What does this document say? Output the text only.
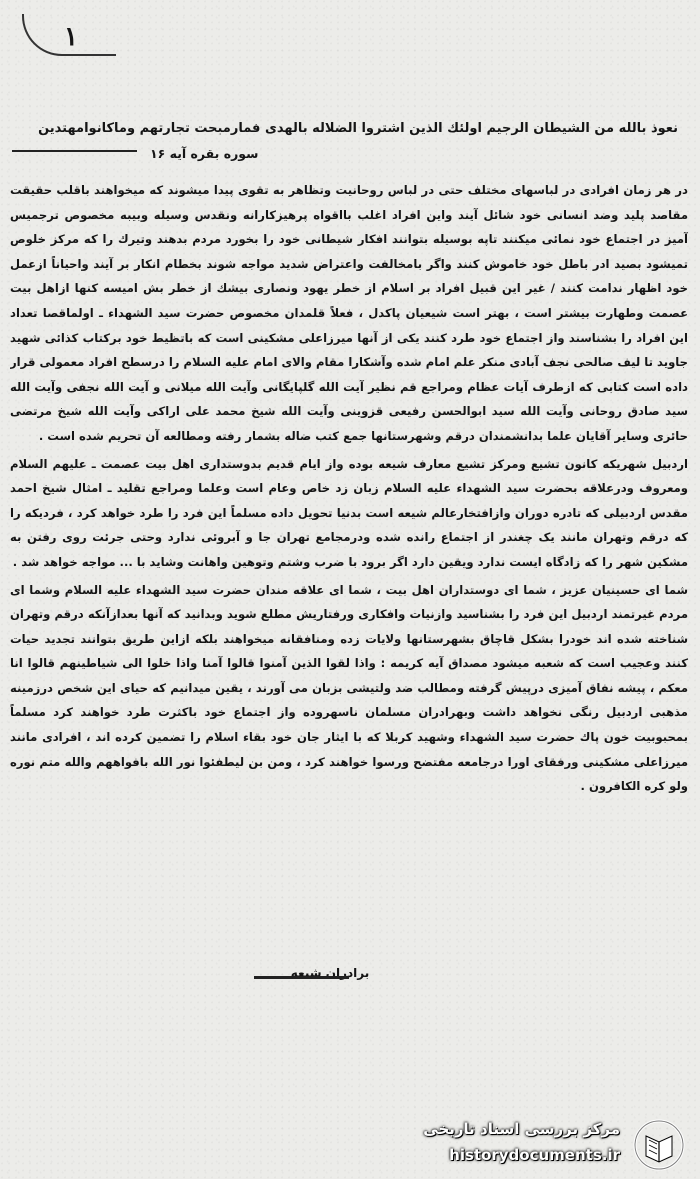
۱
نعوذ بالله من الشیطان الرجیم اولئك الذین اشتروا الضلاله بالهدی فمارمبحت تجارتهم وماکانوامهتدین
سوره بقره آیه ۱۶

در هر زمان افرادی در لباسهای مختلف حتی در لباس روحانیت وتظاهر به تقوی پیدا میشوند که میخواهند باقلب حقیقت مقاصد پلید وضد انسانی خود شائل آیند واین افراد اغلب بااقواه پرهیزکارانه ونقدس وسیله وبیبه مخصوص ترجمیس آمیز در اجتماع خود نمائی میکنند تاپه بوسیله بتوانند افکار شیطانی خود را بخورد مردم بدهند وتیرك را که مرکز خلوص تمیشود بصید ادر باطل خود خاموش کنند واگر بامخالفت واعتراض شدید مواجه شوند بخطام انکار بر آیند واحیاناً ازعمل خود اظهار ندامت کنند / غیر این قبیل افراد بر اسلام از خطر یهود ونصاری بیشك از خطر بش امیسه کنها ازاهل بیت عصمت وطهارت بیشتر است ، بهتر است شیعیان پاکدل ، فعلاً قلمدان مخصوص حضرت سید الشهداء ـ اولماقصا تعداد این افراد را بشناسند واز اجتماع خود طرد کنند یکی از آنها میرزاعلی مشکینی است که باتظیط خود برکتاب کذائی شهید جاوید تا لیف صالحی نجف آبادی منکر علم امام شده وآشکارا مقام والای امام علیه السلام را درسطح افراد معمولی قرار داده است کتابی که ازطرف آیات عظام ومراجع قم نظیر آیت الله گلپایگانی وآیت الله میلانی و آیت الله نجفی وآیت الله سید صادق روحانی وآیت الله سید ابوالحسن رفیعی قزوینی وآیت الله شیخ محمد علی اراکی وآیت الله شیخ مرتضی حائری وسایر آقایان علما بدانشمندان درقم وشهرستانها جمع کتب ضاله بشمار رفته ومطالعه آن تحریم شده است .

اردبیل شهریکه کانون تشیع ومرکز تشیع معارف شیعه بوده واز ایام قدیم بدوستداری اهل بیت عصمت ـ علیهم السلام ومعروف ودرعلاقه بحضرت سید الشهداء علیه السلام زبان زد خاص وعام است وعلما ومراجع تقلید ـ امثال شیخ احمد مقدس اردبیلی که تادره دوران وازافتخارعالم شیعه است بدنیا تحویل داده مسلماً این فرد را طرد خواهد کرد ، فردیکه را که درقم وتهران مانند یک چغندر از اجتماع رانده شده ودرمجامع تهران جا و آبروئی ندارد وحتی جرئت روی رفتن به مشکین شهر را که زادگاه ایست ندارد ویقین دارد اگر برود با ضرب وشتم وتوهین واهانت وشاید با ... مواجه خواهد شد .

شما ای حسینیان عزیز ، شما ای دوستداران اهل بیت ، شما ای علاقه مندان حضرت سید الشهداء علیه السلام وشما ای مردم غیرتمند اردبیل این فرد را بشناسید وازنیات وافکاری ورفتاریش مطلع شوید وبدانید که آنها بعدازآنکه درقم وتهران شناخته شده اند خودرا بشکل قاچاق بشهرستانها ولایات زده ومنافقانه میخواهند بلکه ازاین طریق بتوانند تجدید حیات کنند وعجیب است که شعبه میشود مصداق آیه کریمه : واذا لقوا الذین آمنوا قالوا آمنا واذا خلوا الی شیاطینهم قالوا انا معکم ، پیشه نفاق آمیزی درپیش گرفته ومطالب ضد ولتیشی بزبان می آورند ، یقین میدانیم که حیای این شخص درزمینه مذهبی اردبیل رنگی نخواهد داشت وبهرادران مسلمان ناسهروده واز اجتماع خود باکثرت طرد خواهند کرد مسلماً بمحبوبیت خون پاك حضرت سید الشهداء وشهید کربلا که با ایثار جان خود بقاء اسلام را تضمین کرده اند ، افرادی مانند میرزاعلی مشکینی ورفقای اورا درجامعه مفتضح ورسوا خواهند کرد ، ومن بن لیطفئوا نور الله بافواههم والله متم نوره ولو کره الکافرون .

برادران شیعه
مرکز بررسی اسناد تاریخی
historydocuments.ir
